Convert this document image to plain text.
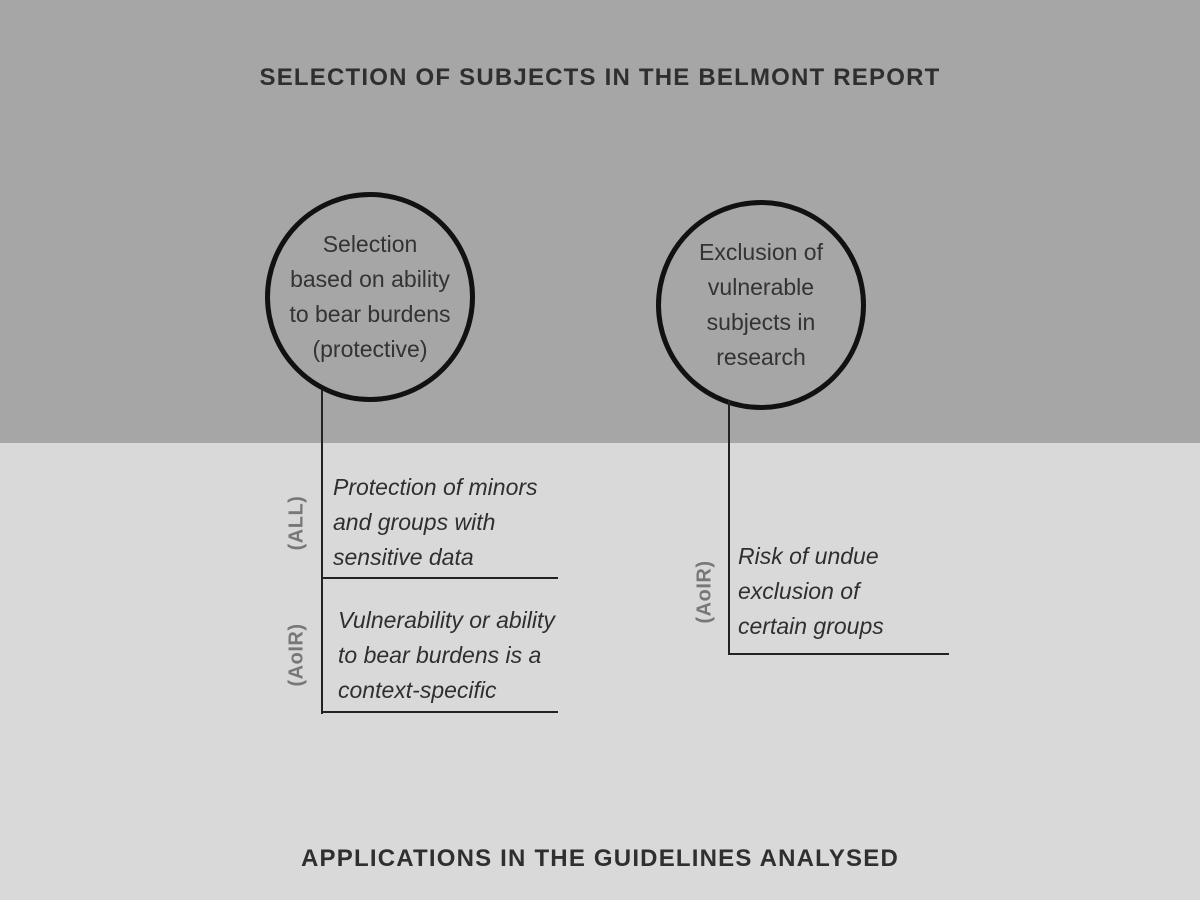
SELECTION OF SUBJECTS IN THE BELMONT REPORT
APPLICATIONS IN THE GUIDELINES ANALYSED
Selection
based on ability
to bear burdens
(protective)
(ALL)
Protection of minors
and groups with
sensitive data
(AoIR)
Vulnerability or ability
to bear burdens is a
context-specific
Exclusion of
vulnerable
subjects in
research
(AoIR)
Risk of undue
exclusion of
certain groups
